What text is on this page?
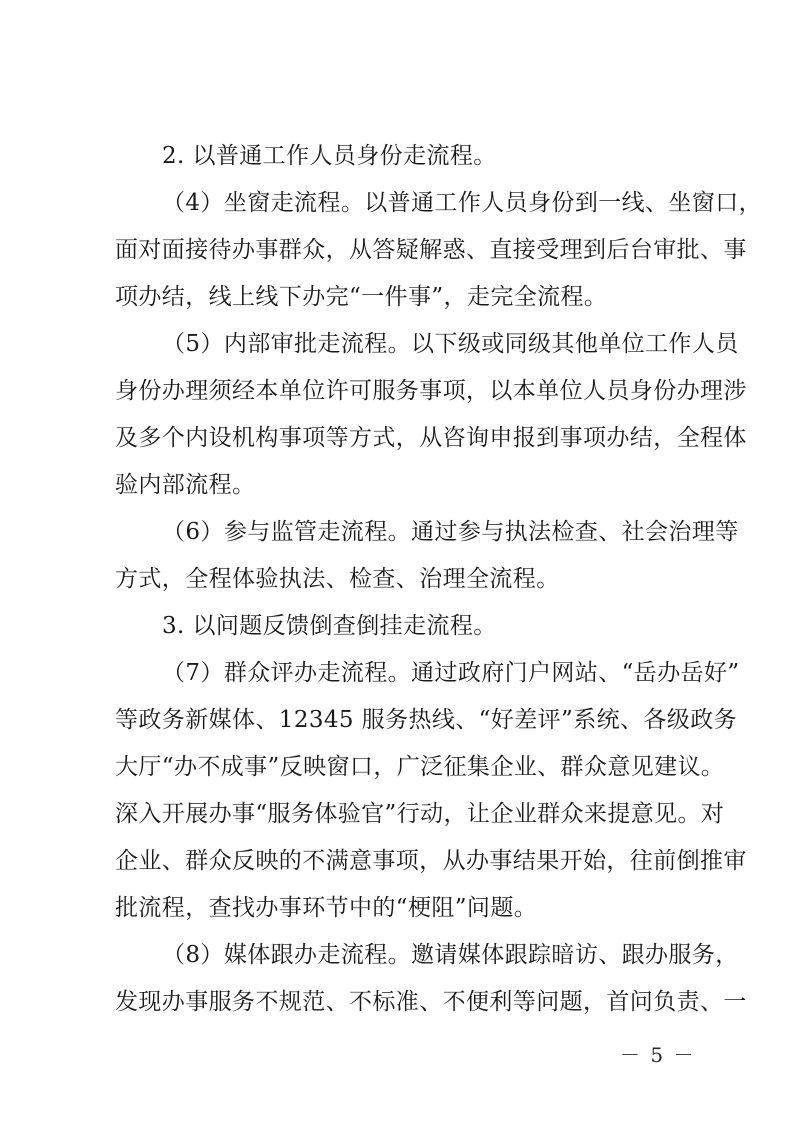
2. 以普通工作人员身份走流程。
（4）坐窗走流程。以普通工作人员身份到一线、坐窗口，
面对面接待办事群众，从答疑解惑、直接受理到后台审批、事
项办结，线上线下办完“一件事”，走完全流程。
（5）内部审批走流程。以下级或同级其他单位工作人员
身份办理须经本单位许可服务事项，以本单位人员身份办理涉
及多个内设机构事项等方式，从咨询申报到事项办结，全程体
验内部流程。
（6）参与监管走流程。通过参与执法检查、社会治理等
方式，全程体验执法、检查、治理全流程。
3. 以问题反馈倒查倒挂走流程。
（7）群众评办走流程。通过政府门户网站、“岳办岳好”
等政务新媒体、12345 服务热线、“好差评”系统、各级政务
大厅“办不成事”反映窗口，广泛征集企业、群众意见建议。
深入开展办事“服务体验官”行动，让企业群众来提意见。对
企业、群众反映的不满意事项，从办事结果开始，往前倒推审
批流程，查找办事环节中的“梗阻”问题。
（8）媒体跟办走流程。邀请媒体跟踪暗访、跟办服务，
发现办事服务不规范、不标准、不便利等问题，首问负责、一
－ 5 －
